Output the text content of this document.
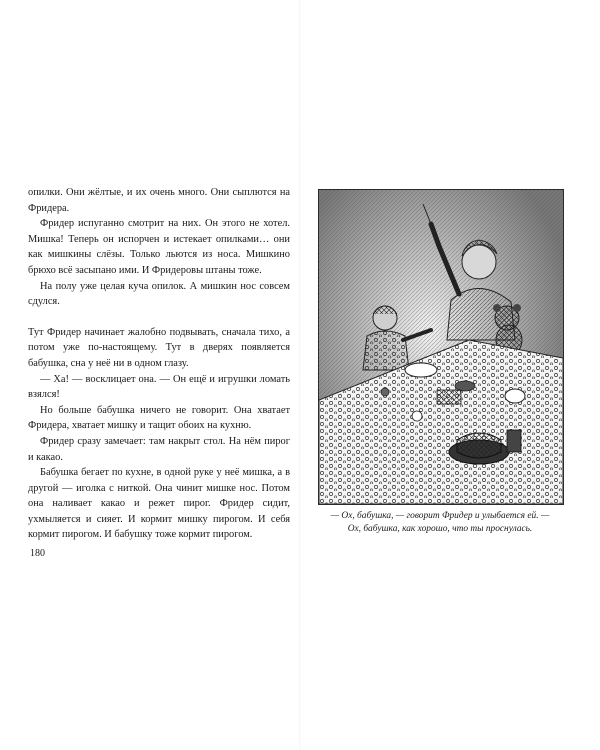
опилки. Они жёлтые, и их очень много. Они сыплются на Фридера.

Фридер испуганно смотрит на них. Он этого не хотел. Мишка! Теперь он испорчен и истекает опилками… они как мишкины слёзы. Только льются из носа. Мишкино брюхо всё засыпано ими. И Фридеровы штаны тоже.

На полу уже целая куча опилок. А мишкин нос совсем сдулся.

Тут Фридер начинает жалобно подвывать, сначала тихо, а потом уже по-настоящему. Тут в дверях появляется бабушка, сна у неё ни в одном глазу.

— Ха! — восклицает она. — Он ещё и игрушки ломать взялся!

Но больше бабушка ничего не говорит. Она хватает Фридера, хватает мишку и тащит обоих на кухню.

Фридер сразу замечает: там накрыт стол. На нём пирог и какао.

Бабушка бегает по кухне, в одной руке у неё мишка, а в другой — иголка с ниткой. Она чинит мишке нос. Потом она наливает какао и режет пирог. Фридер сидит, ухмыляется и сияет. И кормит мишку пирогом. И себя кормит пирогом. И бабушку тоже кормит пирогом.

180
— Ох, бабушка, — говорит Фридер и улыбается ей. —
Ох, бабушка, как хорошо, что ты проснулась.
